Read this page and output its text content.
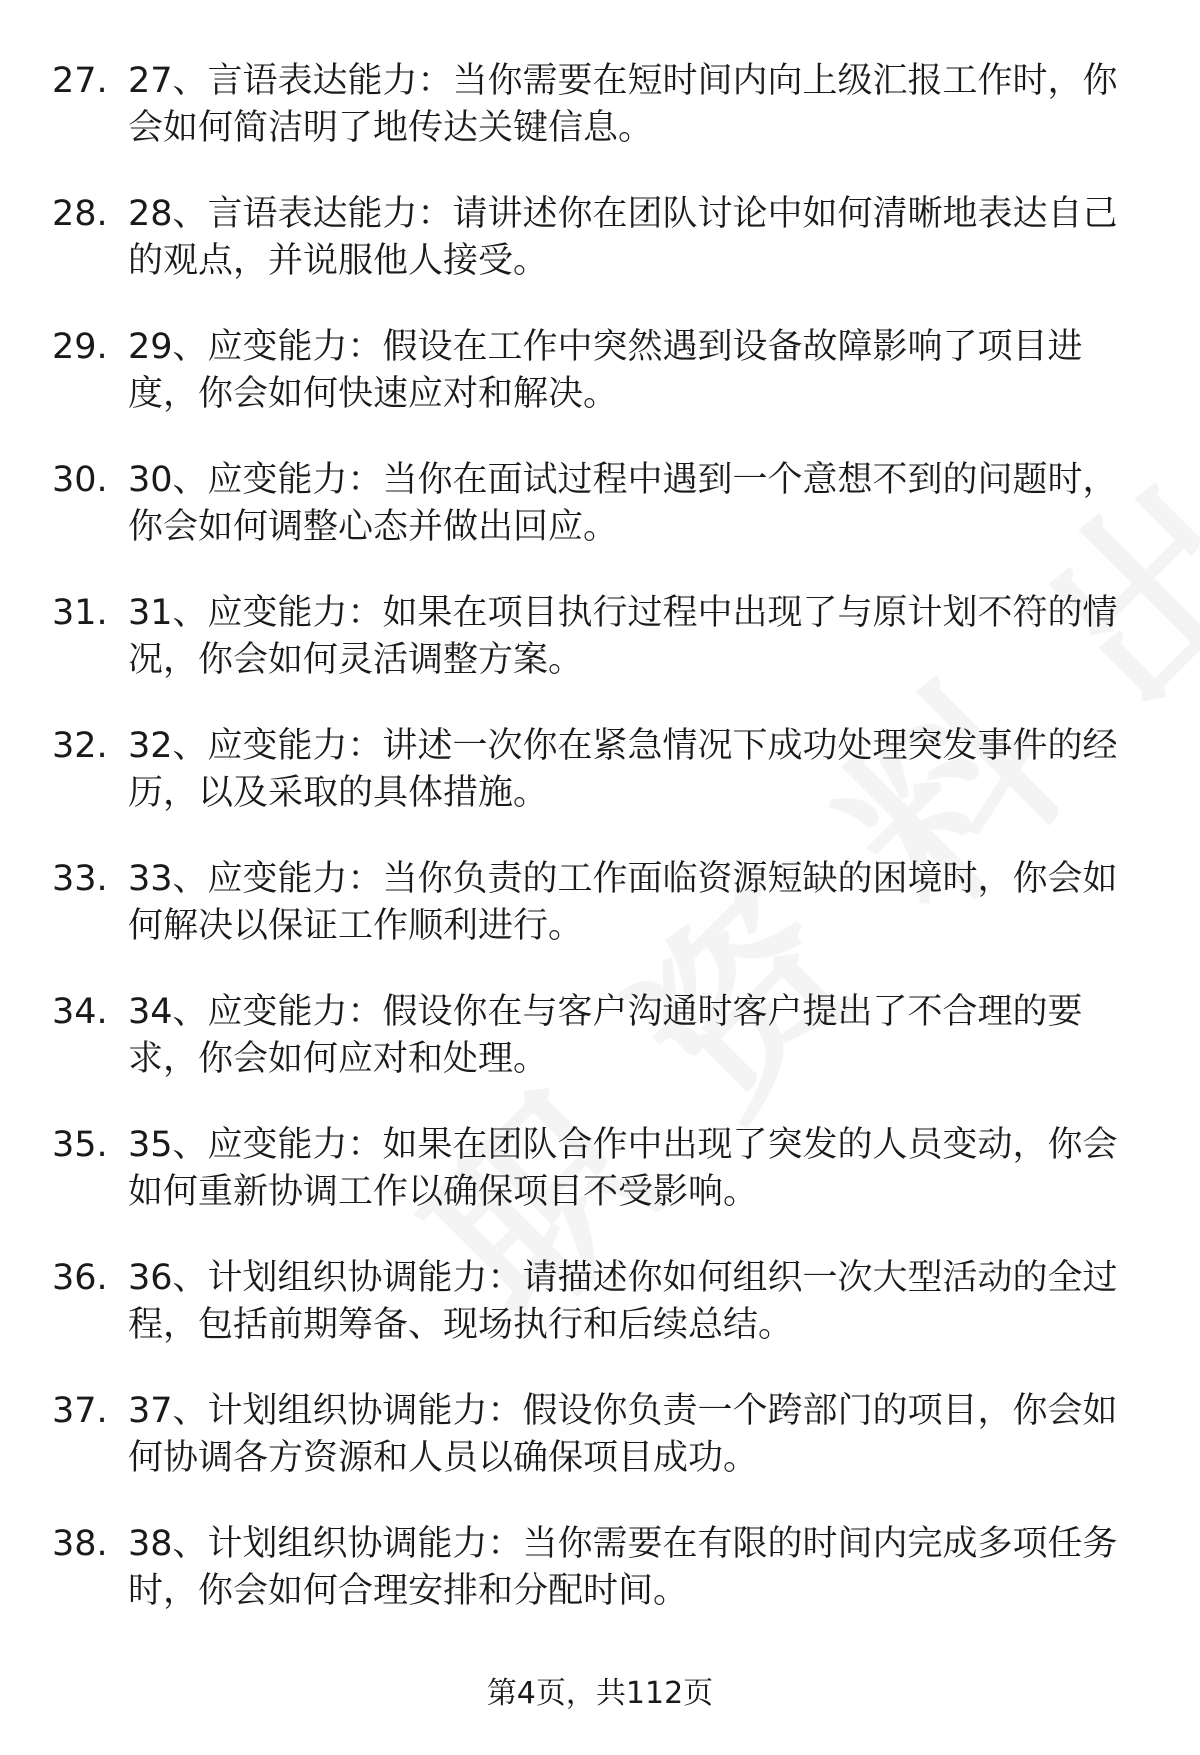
27. 27、言语表达能力：当你需要在短时间内向上级汇报工作时，你会如何简洁明了地传达关键信息。
28. 28、言语表达能力：请讲述你在团队讨论中如何清晰地表达自己的观点，并说服他人接受。
29. 29、应变能力：假设在工作中突然遇到设备故障影响了项目进度，你会如何快速应对和解决。
30. 30、应变能力：当你在面试过程中遇到一个意想不到的问题时，你会如何调整心态并做出回应。
31. 31、应变能力：如果在项目执行过程中出现了与原计划不符的情况，你会如何灵活调整方案。
32. 32、应变能力：讲述一次你在紧急情况下成功处理突发事件的经历，以及采取的具体措施。
33. 33、应变能力：当你负责的工作面临资源短缺的困境时，你会如何解决以保证工作顺利进行。
34. 34、应变能力：假设你在与客户沟通时客户提出了不合理的要求，你会如何应对和处理。
35. 35、应变能力：如果在团队合作中出现了突发的人员变动，你会如何重新协调工作以确保项目不受影响。
36. 36、计划组织协调能力：请描述你如何组织一次大型活动的全过程，包括前期筹备、现场执行和后续总结。
37. 37、计划组织协调能力：假设你负责一个跨部门的项目，你会如何协调各方资源和人员以确保项目成功。
38. 38、计划组织协调能力：当你需要在有限的时间内完成多项任务时，你会如何合理安排和分配时间。
第4页，共112页
